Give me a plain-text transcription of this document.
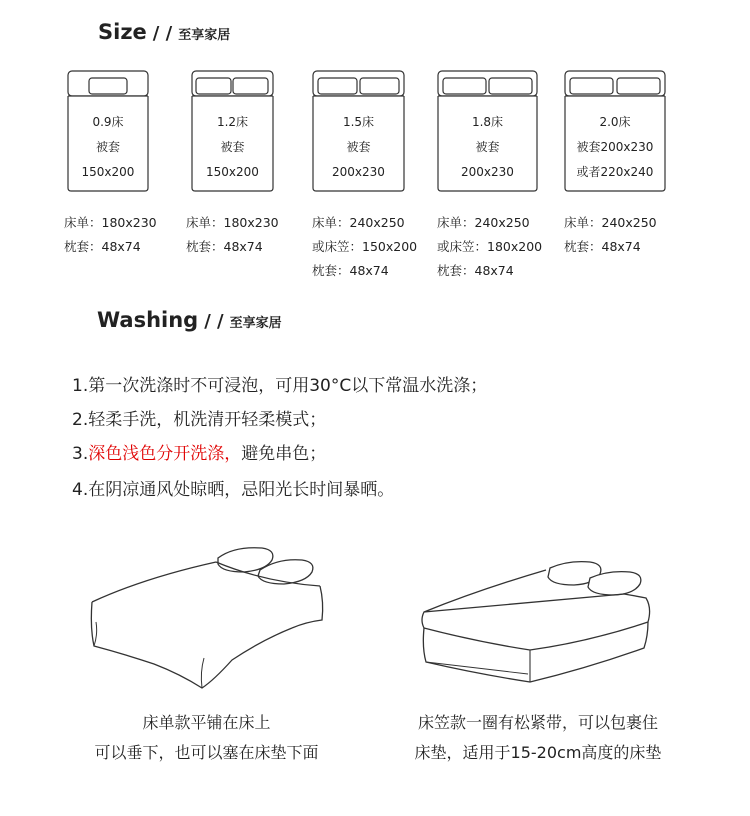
Size / / 至享家居
0.9床
被套
150x200
1.2床
被套
150x200
1.5床
被套
200x230
1.8床
被套
200x230
2.0床
被套200x230
或者220x240
床单：180x230
枕套：48x74
床单：180x230
枕套：48x74
床单：240x250
或床笠：150x200
枕套：48x74
床单：240x250
或床笠：180x200
枕套：48x74
床单：240x250
枕套：48x74
Washing / / 至享家居
1.第一次洗涤时不可浸泡，可用30°C以下常温水洗涤；
2.轻柔手洗，机洗清开轻柔模式；
3.深色浅色分开洗涤，避免串色；
4.在阴凉通风处晾晒，忌阳光长时间暴晒。
床单款平铺在床上
可以垂下，也可以塞在床垫下面
床笠款一圈有松紧带，可以包裹住
床垫，适用于15-20cm高度的床垫
